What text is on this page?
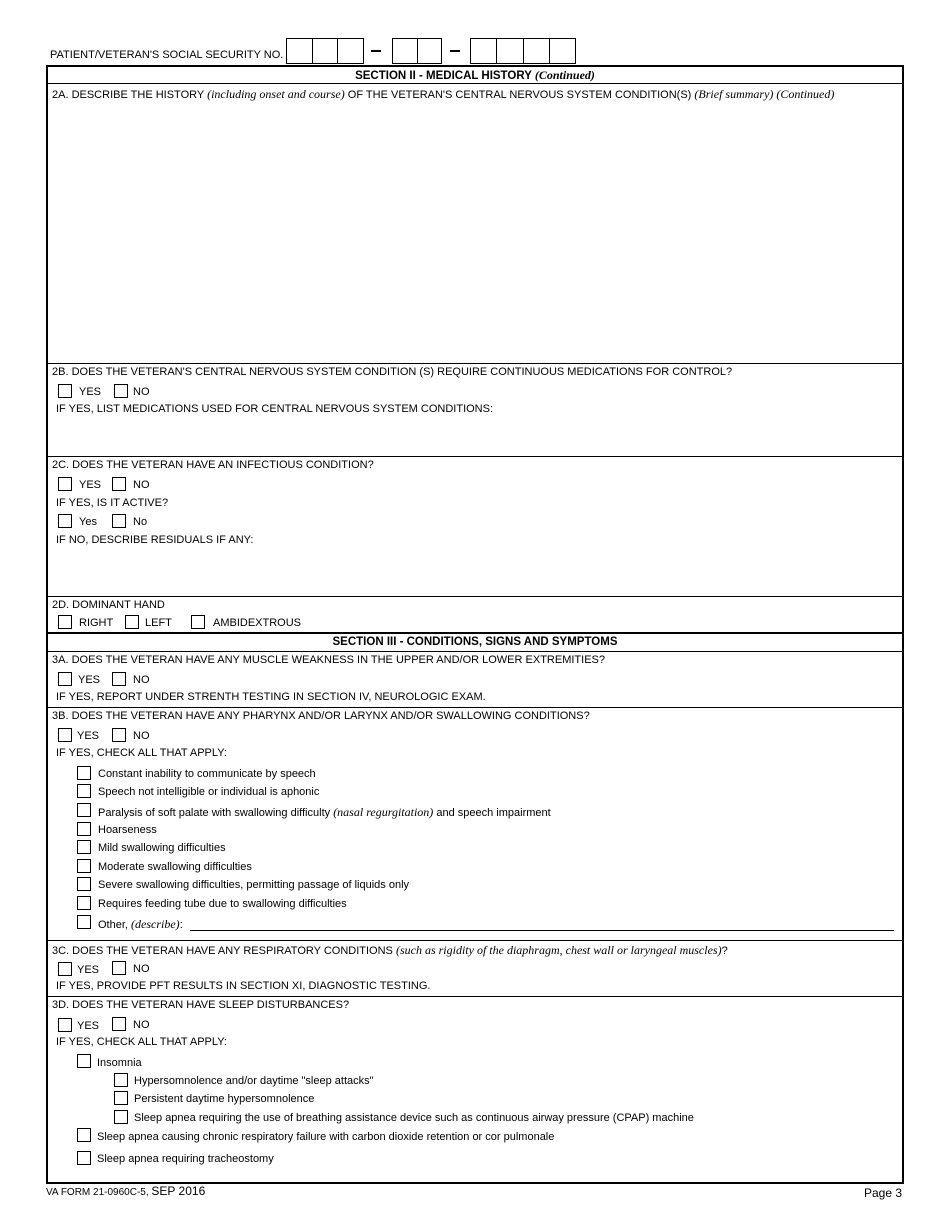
PATIENT/VETERAN'S SOCIAL SECURITY NO.
SECTION II - MEDICAL HISTORY (Continued)
2A. DESCRIBE THE HISTORY (including onset and course) OF THE VETERAN'S CENTRAL NERVOUS SYSTEM CONDITION(S) (Brief summary) (Continued)
2B. DOES THE VETERAN'S CENTRAL NERVOUS SYSTEM CONDITION (S) REQUIRE CONTINUOUS MEDICATIONS FOR CONTROL?
YES	NO
IF YES, LIST MEDICATIONS USED FOR CENTRAL NERVOUS SYSTEM CONDITIONS:
2C. DOES THE VETERAN HAVE AN INFECTIOUS CONDITION?
YES	NO
IF YES, IS IT ACTIVE?
Yes	No
IF NO, DESCRIBE RESIDUALS IF ANY:
2D. DOMINANT HAND
RIGHT	LEFT	AMBIDEXTROUS
SECTION III - CONDITIONS, SIGNS AND SYMPTOMS
3A. DOES THE VETERAN HAVE ANY MUSCLE WEAKNESS IN THE UPPER AND/OR LOWER EXTREMITIES?
YES	NO
IF YES, REPORT UNDER STRENTH TESTING IN SECTION IV, NEUROLOGIC EXAM.
3B. DOES THE VETERAN HAVE ANY PHARYNX AND/OR LARYNX AND/OR SWALLOWING CONDITIONS?
YES	NO
IF YES, CHECK ALL THAT APPLY:
Constant inability to communicate by speech
Speech not intelligible or individual is aphonic
Paralysis of soft palate with swallowing difficulty (nasal regurgitation) and speech impairment
Hoarseness
Mild swallowing difficulties
Moderate swallowing difficulties
Severe swallowing difficulties, permitting passage of liquids only
Requires feeding tube due to swallowing difficulties
Other, (describe):
3C. DOES THE VETERAN HAVE ANY RESPIRATORY CONDITIONS (such as rigidity of the diaphragm, chest wall or laryngeal muscles)?
YES	NO
IF YES, PROVIDE PFT RESULTS IN SECTION XI, DIAGNOSTIC TESTING.
3D. DOES THE VETERAN HAVE SLEEP DISTURBANCES?
YES	NO
IF YES, CHECK ALL THAT APPLY:
Insomnia
Hypersomnolence and/or daytime "sleep attacks"
Persistent daytime hypersomnolence
Sleep apnea requiring the use of breathing assistance device such as continuous airway pressure (CPAP) machine
Sleep apnea causing chronic respiratory failure with carbon dioxide retention or cor pulmonale
Sleep apnea requiring tracheostomy
VA FORM 21-0960C-5, SEP 2016	Page 3
